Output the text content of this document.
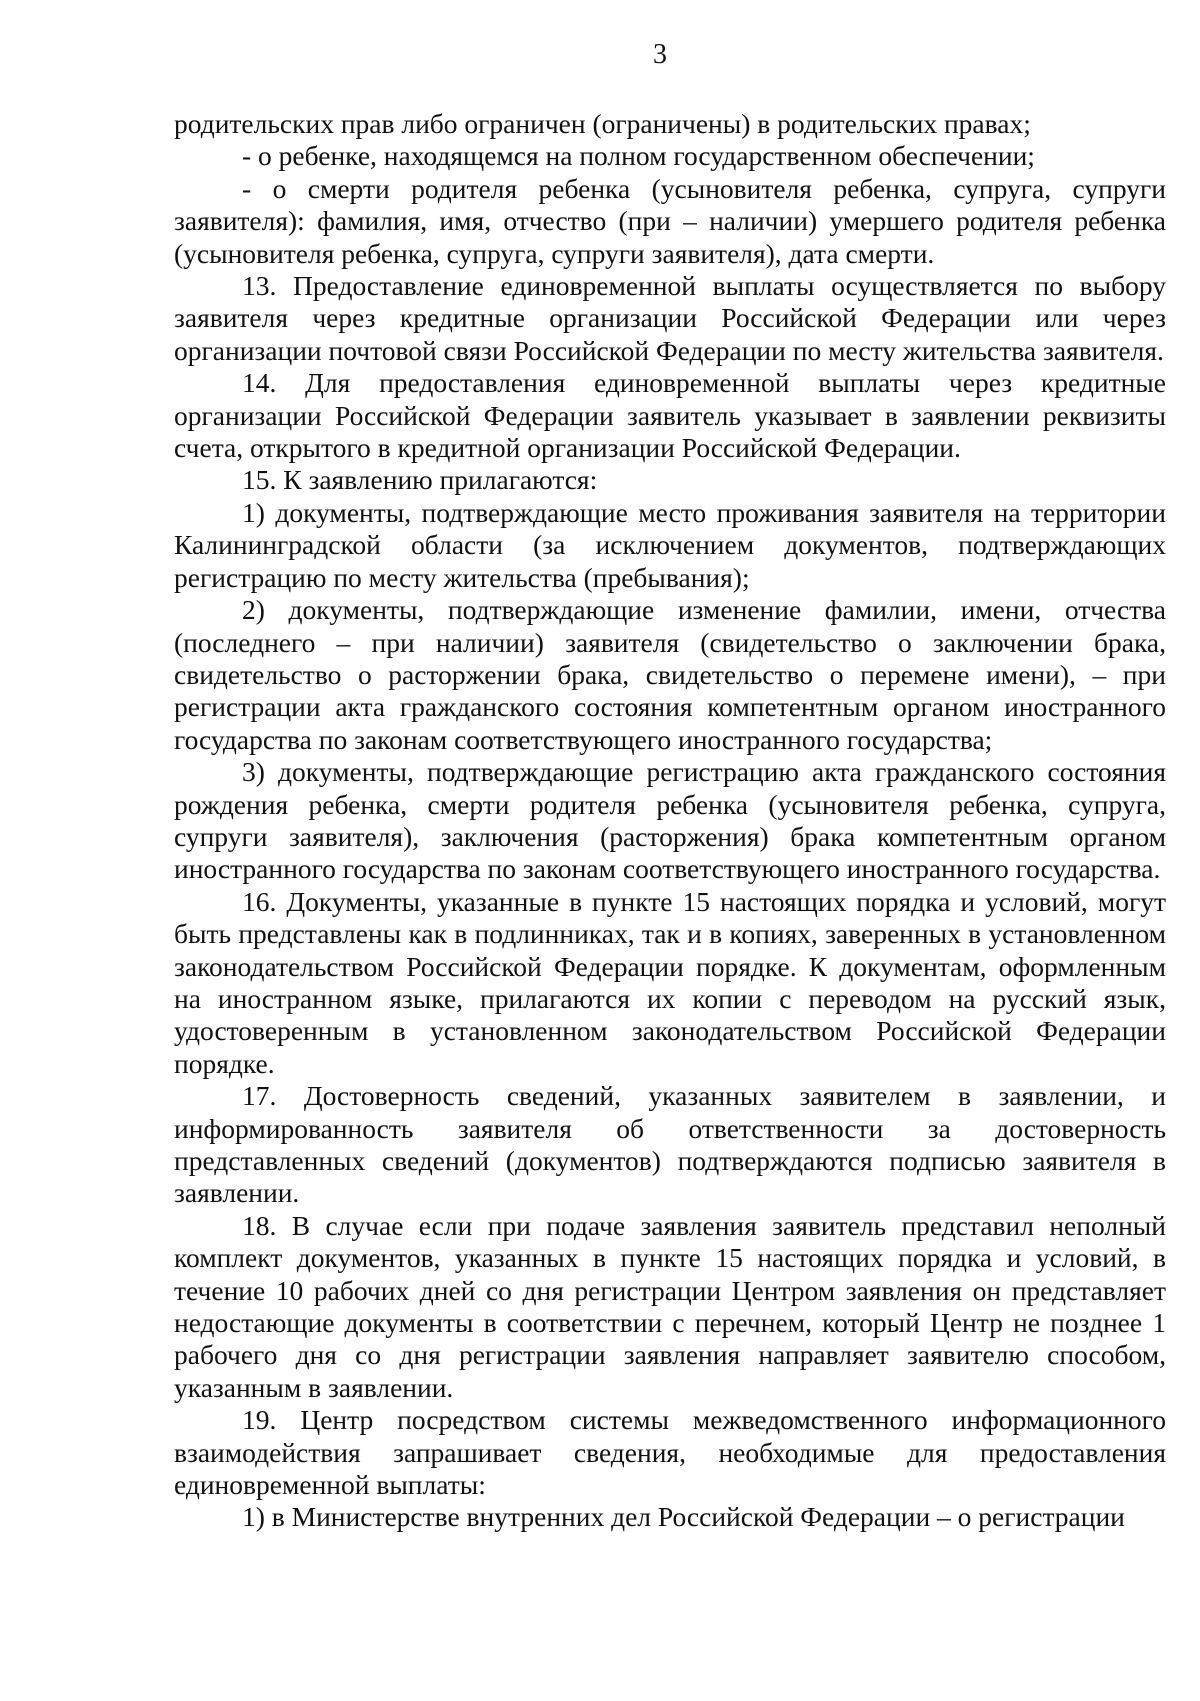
3

родительских прав либо ограничен (ограничены) в родительских правах;

- о ребенке, находящемся на полном государственном обеспечении;

- о смерти родителя ребенка (усыновителя ребенка, супруга, супруги заявителя): фамилия, имя, отчество (при – наличии) умершего родителя ребенка (усыновителя ребенка, супруга, супруги заявителя), дата смерти.

13. Предоставление единовременной выплаты осуществляется по выбору заявителя через кредитные организации Российской Федерации или через организации почтовой связи Российской Федерации по месту жительства заявителя.

14. Для предоставления единовременной выплаты через кредитные организации Российской Федерации заявитель указывает в заявлении реквизиты счета, открытого в кредитной организации Российской Федерации.

15. К заявлению прилагаются:

1) документы, подтверждающие место проживания заявителя на территории Калининградской области (за исключением документов, подтверждающих регистрацию по месту жительства (пребывания);

2) документы, подтверждающие изменение фамилии, имени, отчества (последнего – при наличии) заявителя (свидетельство о заключении брака, свидетельство о расторжении брака, свидетельство о перемене имени), – при регистрации акта гражданского состояния компетентным органом иностранного государства по законам соответствующего иностранного государства;

3) документы, подтверждающие регистрацию акта гражданского состояния рождения ребенка, смерти родителя ребенка (усыновителя ребенка, супруга, супруги заявителя), заключения (расторжения) брака компетентным органом иностранного государства по законам соответствующего иностранного государства.

16. Документы, указанные в пункте 15 настоящих порядка и условий, могут быть представлены как в подлинниках, так и в копиях, заверенных в установленном законодательством Российской Федерации порядке. К документам, оформленным на иностранном языке, прилагаются их копии с переводом на русский язык, удостоверенным в установленном законодательством Российской Федерации порядке.

17. Достоверность сведений, указанных заявителем в заявлении, и информированность заявителя об ответственности за достоверность представленных сведений (документов) подтверждаются подписью заявителя в заявлении.

18. В случае если при подаче заявления заявитель представил неполный комплект документов, указанных в пункте 15 настоящих порядка и условий, в течение 10 рабочих дней со дня регистрации Центром заявления он представляет недостающие документы в соответствии с перечнем, который Центр не позднее 1 рабочего дня со дня регистрации заявления направляет заявителю способом, указанным в заявлении.

19. Центр посредством системы межведомственного информационного взаимодействия запрашивает сведения, необходимые для предоставления единовременной выплаты:

1) в Министерстве внутренних дел Российской Федерации – о регистрации
